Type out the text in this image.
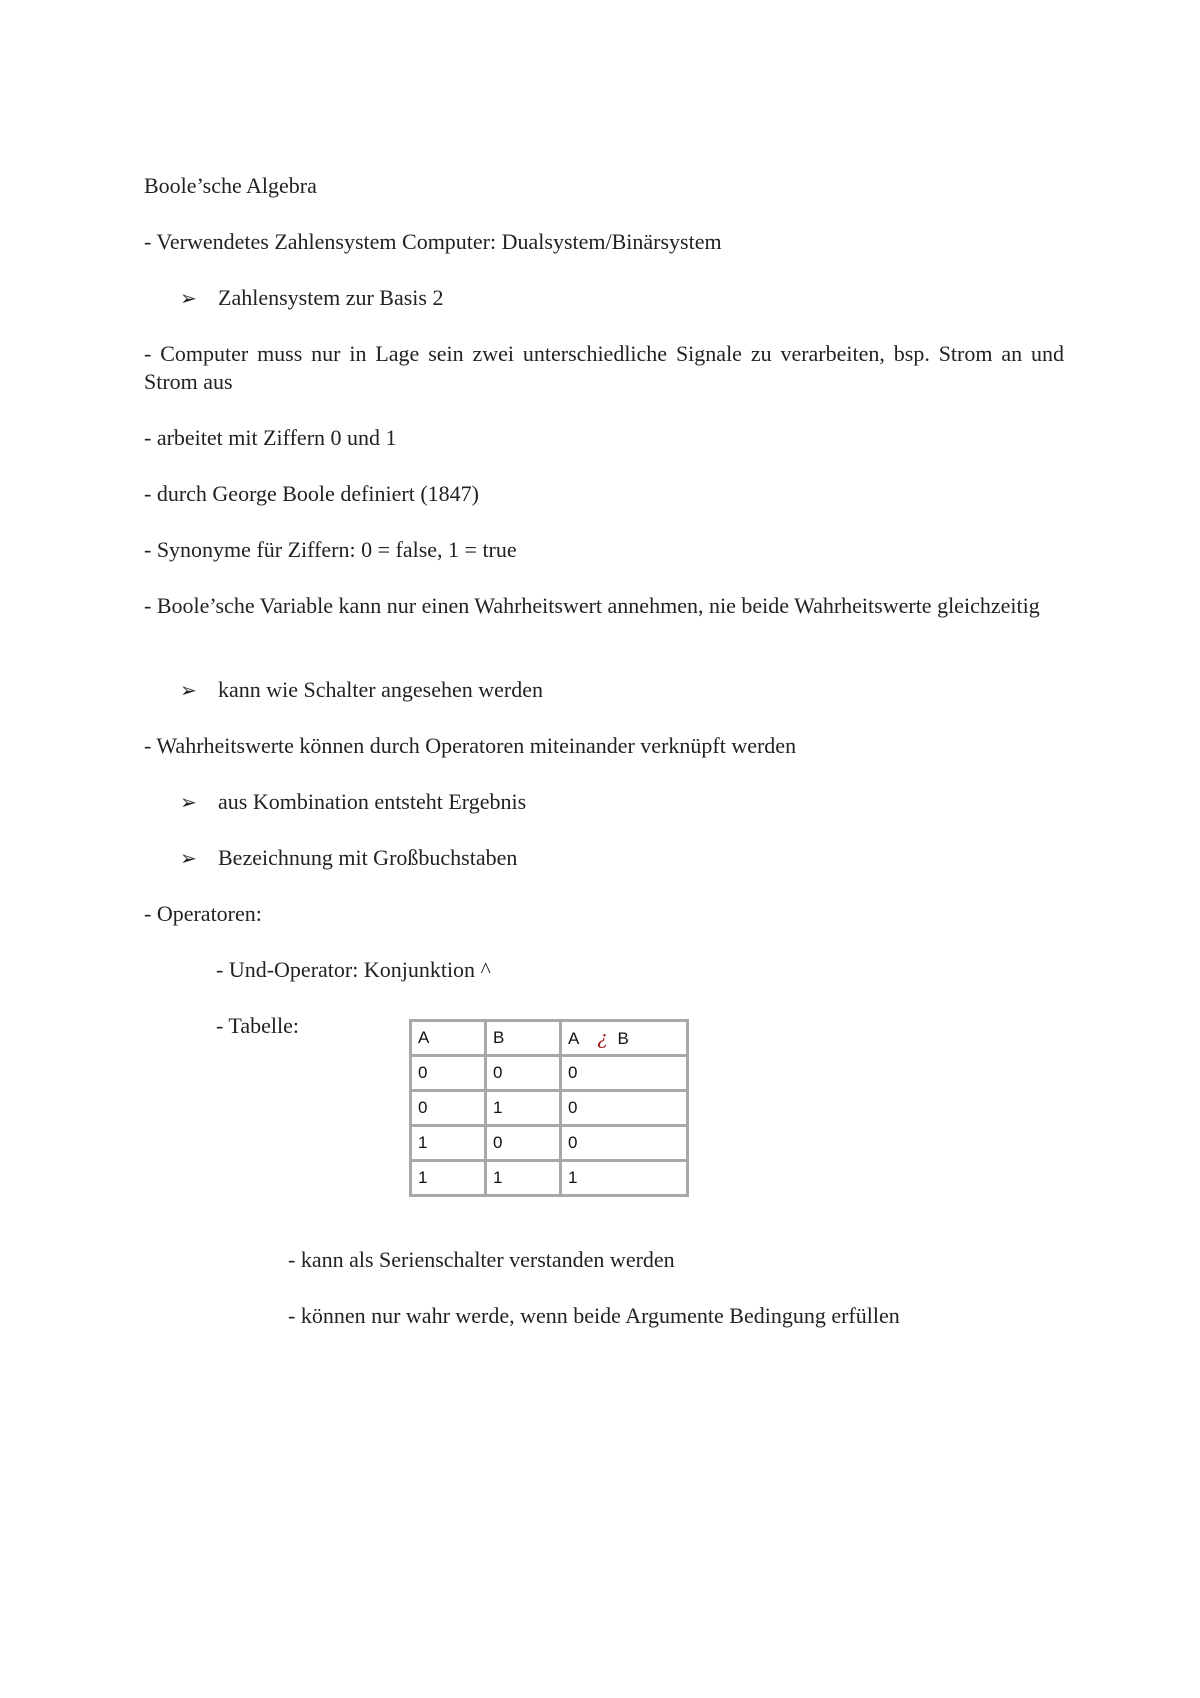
Boole’sche Algebra
- Verwendetes Zahlensystem Computer: Dualsystem/Binärsystem
➢ Zahlensystem zur Basis 2
- Computer muss nur in Lage sein zwei unterschiedliche Signale zu verarbeiten, bsp. Strom an und Strom aus
- arbeitet mit Ziffern 0 und 1
- durch George Boole definiert (1847)
- Synonyme für Ziffern: 0 = false, 1 = true
- Boole’sche Variable kann nur einen Wahrheitswert annehmen, nie beide Wahrheitswerte gleichzeitig
➢ kann wie Schalter angesehen werden
- Wahrheitswerte können durch Operatoren miteinander verknüpft werden
➢ aus Kombination entsteht Ergebnis
➢ Bezeichnung mit Großbuchstaben
- Operatoren:
- Und-Operator: Konjunktion ^
- Tabelle:	A	B	A ¿ B
0	0	0
0	1	0
1	0	0
1	1	1
- kann als Serienschalter verstanden werden
- können nur wahr werde, wenn beide Argumente Bedingung erfüllen
